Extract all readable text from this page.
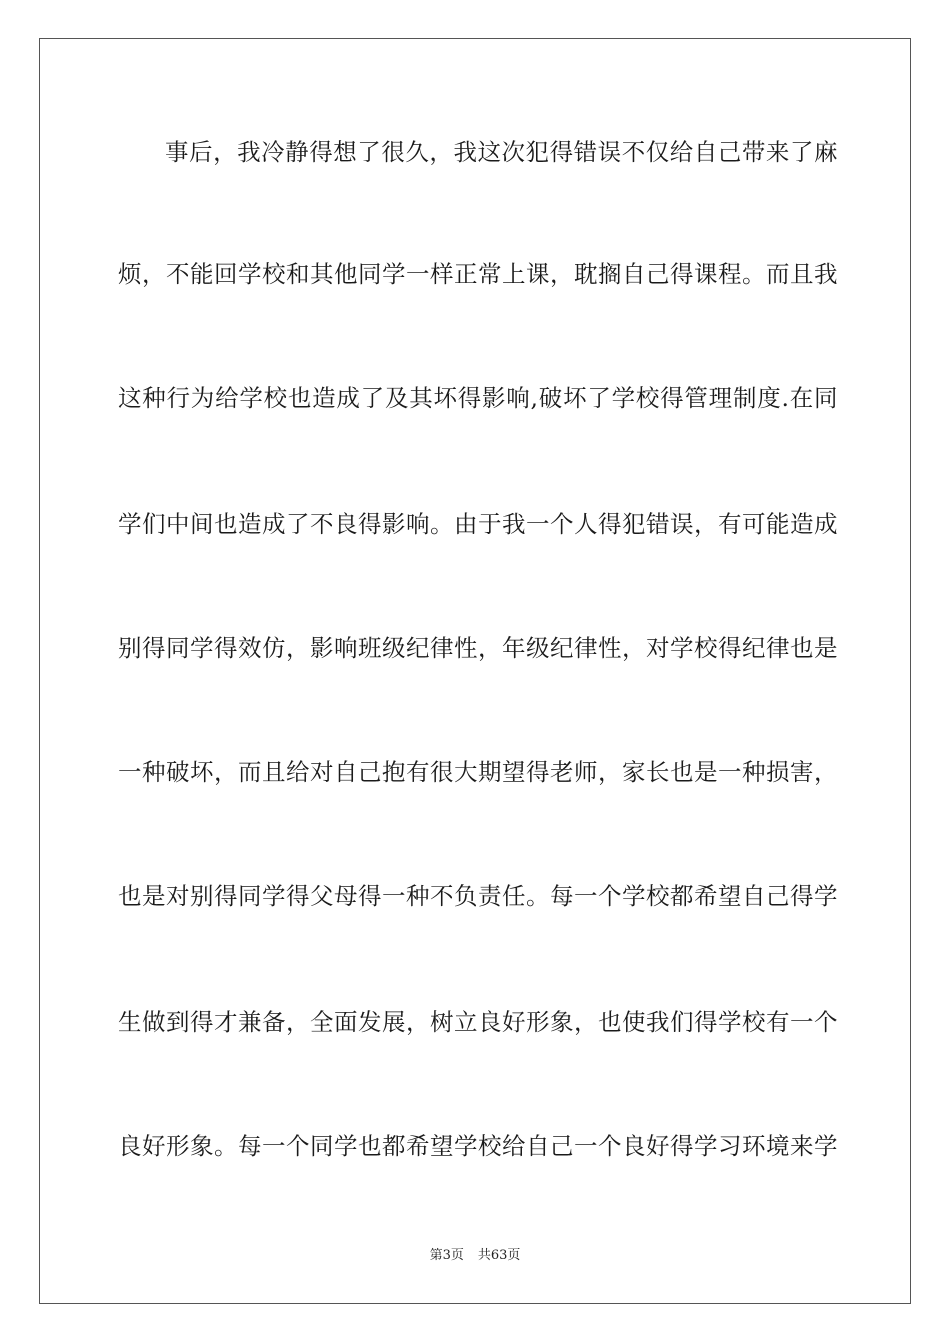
事后，我冷静得想了很久，我这次犯得错误不仅给自己带来了麻
烦，不能回学校和其他同学一样正常上课，耽搁自己得课程。而且我
这种行为给学校也造成了及其坏得影响,破坏了学校得管理制度.在同
学们中间也造成了不良得影响。由于我一个人得犯错误，有可能造成
别得同学得效仿，影响班级纪律性，年级纪律性，对学校得纪律也是
一种破坏，而且给对自己抱有很大期望得老师，家长也是一种损害，
也是对别得同学得父母得一种不负责任。每一个学校都希望自己得学
生做到得才兼备，全面发展，树立良好形象，也使我们得学校有一个
良好形象。每一个同学也都希望学校给自己一个良好得学习环境来学
第3页 共63页
